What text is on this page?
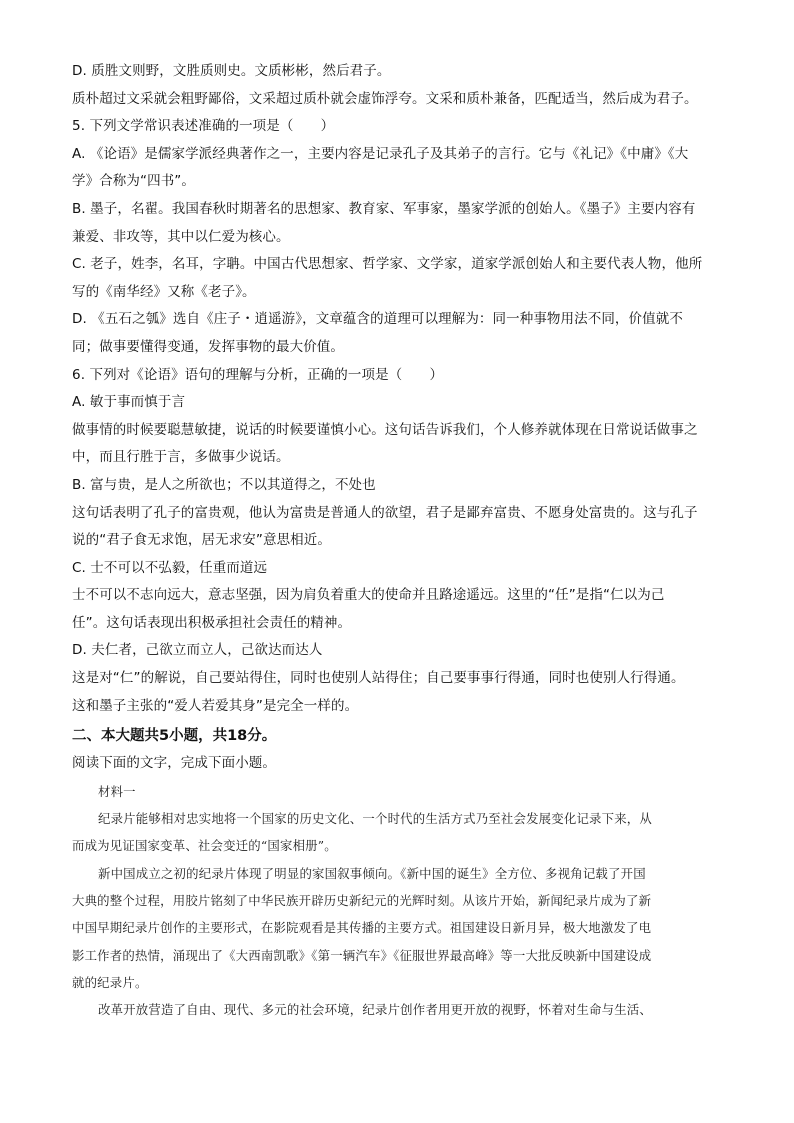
D. 质胜文则野，文胜质则史。文质彬彬，然后君子。
质朴超过文采就会粗野鄙俗，文采超过质朴就会虚饰浮夸。文采和质朴兼备，匹配适当，然后成为君子。
5. 下列文学常识表述准确的一项是（　　）
A. 《论语》是儒家学派经典著作之一，主要内容是记录孔子及其弟子的言行。它与《礼记》《中庸》《大
学》合称为“四书”。
B. 墨子，名翟。我国春秋时期著名的思想家、教育家、军事家，墨家学派的创始人。《墨子》主要内容有
兼爱、非攻等，其中以仁爱为核心。
C. 老子，姓李，名耳，字聃。中国古代思想家、哲学家、文学家，道家学派创始人和主要代表人物，他所
写的《南华经》又称《老子》。
D. 《五石之瓠》选自《庄子・逍遥游》，文章蕴含的道理可以理解为：同一种事物用法不同，价值就不
同；做事要懂得变通，发挥事物的最大价值。
6. 下列对《论语》语句的理解与分析，正确的一项是（　　）
A. 敏于事而慎于言
做事情的时候要聪慧敏捷，说话的时候要谨慎小心。这句话告诉我们，个人修养就体现在日常说话做事之
中，而且行胜于言，多做事少说话。
B. 富与贵，是人之所欲也；不以其道得之，不处也
这句话表明了孔子的富贵观，他认为富贵是普通人的欲望，君子是鄙弃富贵、不愿身处富贵的。这与孔子
说的“君子食无求饱，居无求安”意思相近。
C. 士不可以不弘毅，任重而道远
士不可以不志向远大，意志坚强，因为肩负着重大的使命并且路途遥远。这里的“任”是指“仁以为己
任”。这句话表现出积极承担社会责任的精神。
D. 夫仁者，己欲立而立人，己欲达而达人
这是对“仁”的解说，自己要站得住，同时也使别人站得住；自己要事事行得通，同时也使别人行得通。
这和墨子主张的“爱人若爱其身”是完全一样的。
二、本大题共5小题，共18分。
阅读下面的文字，完成下面小题。
材料一
纪录片能够相对忠实地将一个国家的历史文化、一个时代的生活方式乃至社会发展变化记录下来，从
而成为见证国家变革、社会变迁的“国家相册”。
新中国成立之初的纪录片体现了明显的家国叙事倾向。《新中国的诞生》全方位、多视角记载了开国
大典的整个过程，用胶片铭刻了中华民族开辟历史新纪元的光辉时刻。从该片开始，新闻纪录片成为了新
中国早期纪录片创作的主要形式，在影院观看是其传播的主要方式。祖国建设日新月异，极大地激发了电
影工作者的热情，涌现出了《大西南凯歌》《第一辆汽车》《征服世界最高峰》等一大批反映新中国建设成
就的纪录片。
改革开放营造了自由、现代、多元的社会环境，纪录片创作者用更开放的视野，怀着对生命与生活、
